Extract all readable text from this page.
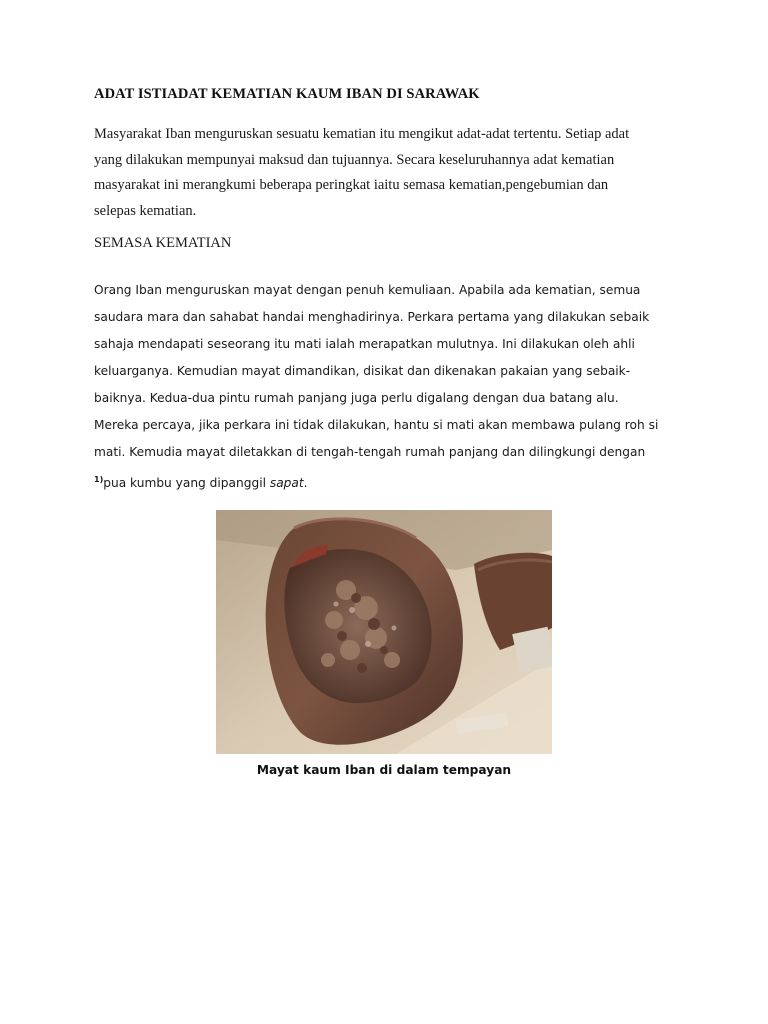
ADAT ISTIADAT KEMATIAN KAUM IBAN DI SARAWAK
Masyarakat Iban menguruskan sesuatu kematian itu mengikut adat-adat tertentu. Setiap adat
yang dilakukan mempunyai maksud dan tujuannya. Secara keseluruhannya adat kematian
masyarakat ini merangkumi beberapa peringkat iaitu semasa kematian,pengebumian dan
selepas kematian.
SEMASA KEMATIAN
Orang Iban menguruskan mayat dengan penuh kemuliaan. Apabila ada kematian, semua
saudara mara dan sahabat handai menghadirinya. Perkara pertama yang dilakukan sebaik
sahaja mendapati seseorang itu mati ialah merapatkan mulutnya. Ini dilakukan oleh ahli
keluarganya. Kemudian mayat dimandikan, disikat dan dikenakan pakaian yang sebaik-
baiknya. Kedua-dua pintu rumah panjang juga perlu digalang dengan dua batang alu.
Mereka percaya, jika perkara ini tidak dilakukan, hantu si mati akan membawa pulang roh si
mati. Kemudia mayat diletakkan di tengah-tengah rumah panjang dan dilingkungi dengan
$^{1)}$pua kumbu yang dipanggil sapat.
Mayat kaum Iban di dalam tempayan
